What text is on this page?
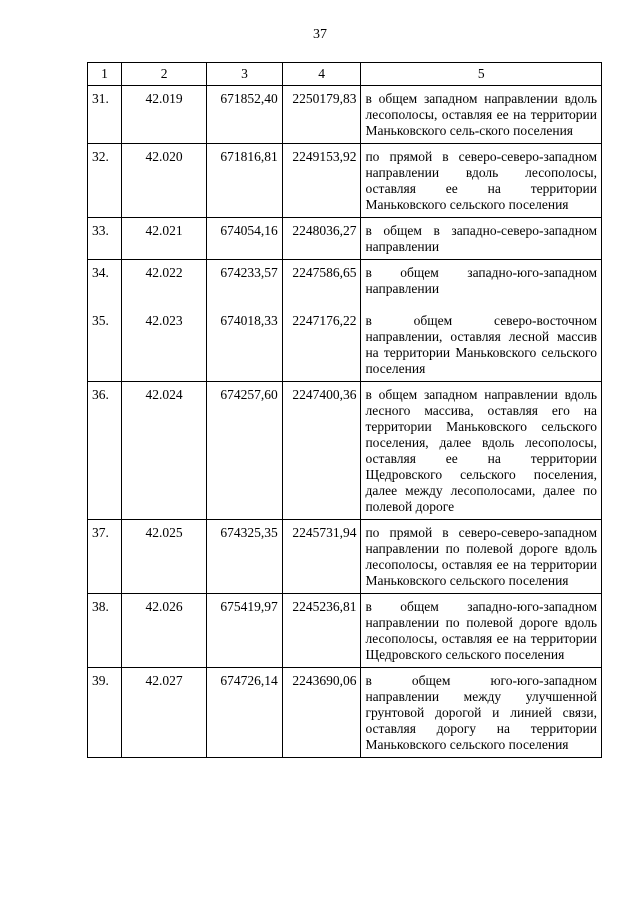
37
1	2	3	4	5
31.	42.019	671852,40	2250179,83	в общем западном направлении вдоль лесополосы, оставляя ее на территории Маньковского сель-ского поселения
32.	42.020	671816,81	2249153,92	по прямой в северо-северо-западном направлении вдоль лесополосы, оставляя ее на территории Маньковского сельского поселения
33.	42.021	674054,16	2248036,27	в общем в западно-северо-западном направлении
34.	42.022	674233,57	2247586,65	в общем западно-юго-западном направлении
35.	42.023	674018,33	2247176,22	в общем северо-восточном направлении, оставляя лесной массив на территории Маньковского сельского поселения
36.	42.024	674257,60	2247400,36	в общем западном направлении вдоль лесного массива, оставляя его на территории Маньковского сельского поселения, далее вдоль лесополосы, оставляя ее на территории Щедровского сельского поселения, далее между лесополосами, далее по полевой дороге
37.	42.025	674325,35	2245731,94	по прямой в северо-северо-западном направлении по полевой дороге вдоль лесополосы, оставляя ее на территории Маньковского сельского поселения
38.	42.026	675419,97	2245236,81	в общем западно-юго-западном направлении по полевой дороге вдоль лесополосы, оставляя ее на территории Щедровского сельского поселения
39.	42.027	674726,14	2243690,06	в общем юго-юго-западном направлении между улучшенной грунтовой дорогой и линией связи, оставляя дорогу на территории Маньковского сельского поселения
